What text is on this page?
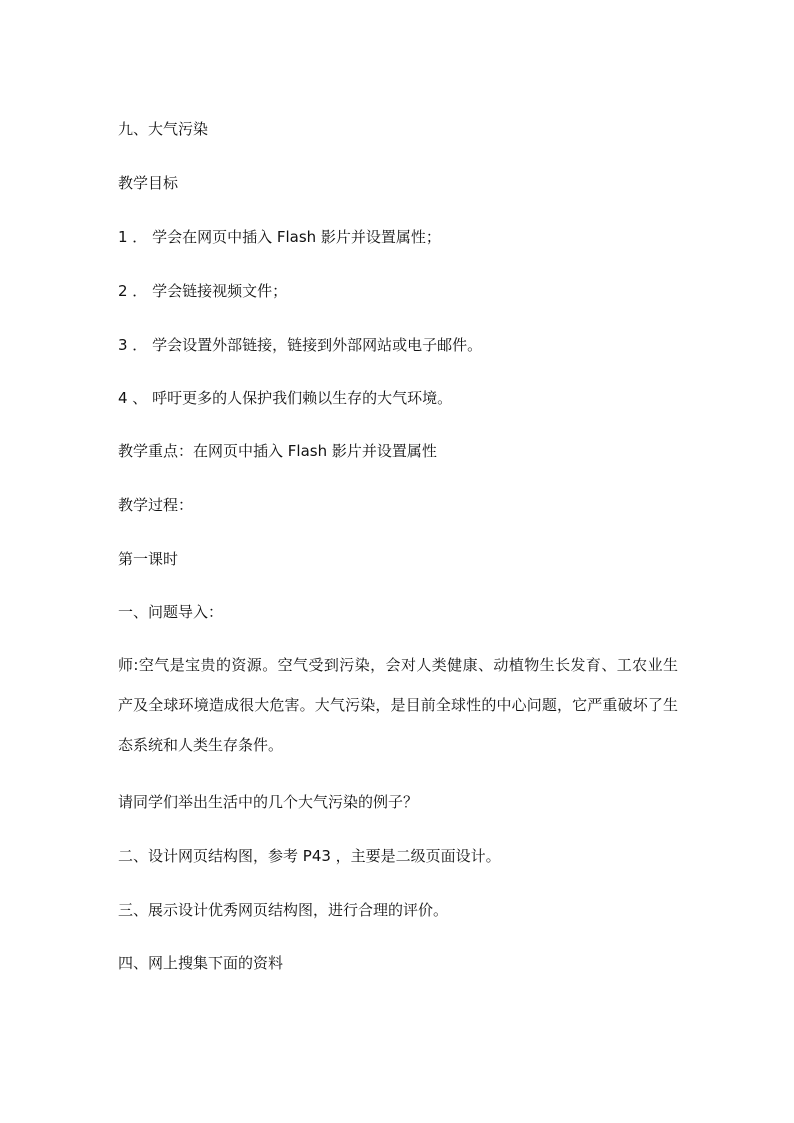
九、大气污染
教学目标
1 ． 学会在网页中插入 Flash 影片并设置属性；
2 ． 学会链接视频文件；
3 ． 学会设置外部链接，链接到外部网站或电子邮件。
4 、 呼吁更多的人保护我们赖以生存的大气环境。
教学重点：在网页中插入 Flash 影片并设置属性
教学过程：
第一课时
一、问题导入：
师:空气是宝贵的资源。空气受到污染，会对人类健康、动植物生长发育、工农业生产及全球环境造成很大危害。大气污染，是目前全球性的中心问题，它严重破坏了生态系统和人类生存条件。
请同学们举出生活中的几个大气污染的例子？
二、设计网页结构图，参考 P43 ，主要是二级页面设计。
三、展示设计优秀网页结构图，进行合理的评价。
四、网上搜集下面的资料
